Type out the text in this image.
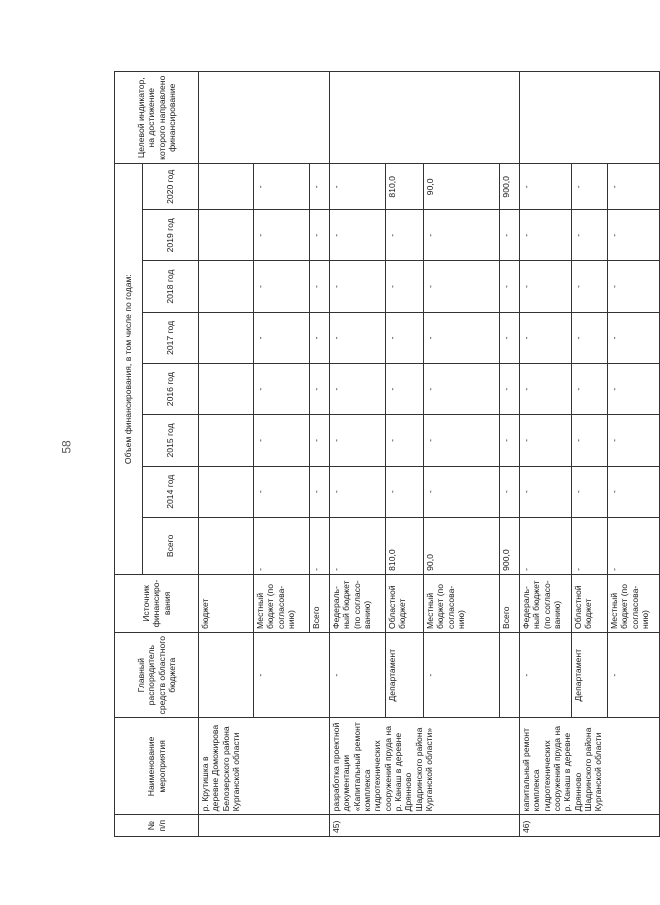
58
№ п/п	Наименование мероприятия	Главный распорядитель средств областного бюджета	Источник финансиро-вания	Объем финансирования, в том числе по годам:								Целевой индикатор, на достижение которого направлено финансирование
				Всего	2014 год	2015 год	2016 год	2017 год	2018 год	2019 год	2020 год	
	р. Крутишка в деревне Доможирова Белозерского района Курганской области		бюджет									
		-	Местный бюджет (по согласова-нию)	-	-	-	-	-	-	-	-	
			Всего	-	-	-	-	-	-	-	-	
45)	разработка проектной документации «Капитальный ремонт комплекса гидротехнических сооружений пруда на р. Канаш в деревне Дрянново Шадринского района Курганской области»	-	Федераль-ный бюджет (по согласо-ванию)	-	-	-	-	-	-	-	-	
		Департамент	Областной бюджет	810,0	-	-	-	-	-	-	810,0	
		-	Местный бюджет (по согласова-нию)	90,0	-	-	-	-	-	-	90,0	
			Всего	900,0	-	-	-	-	-	-	900,0	
46)	капитальный ремонт комплекса гидротехнических сооружений пруда на р. Канаш в деревне Дрянново Шадринского района Курганской области	-	Федераль-ный бюджет (по согласо-ванию)	-	-	-	-	-	-	-	-	
		Департамент	Областной бюджет	-	-	-	-	-	-	-	-	
		-	Местный бюджет (по согласова-нию)	-	-	-	-	-	-	-	-	
